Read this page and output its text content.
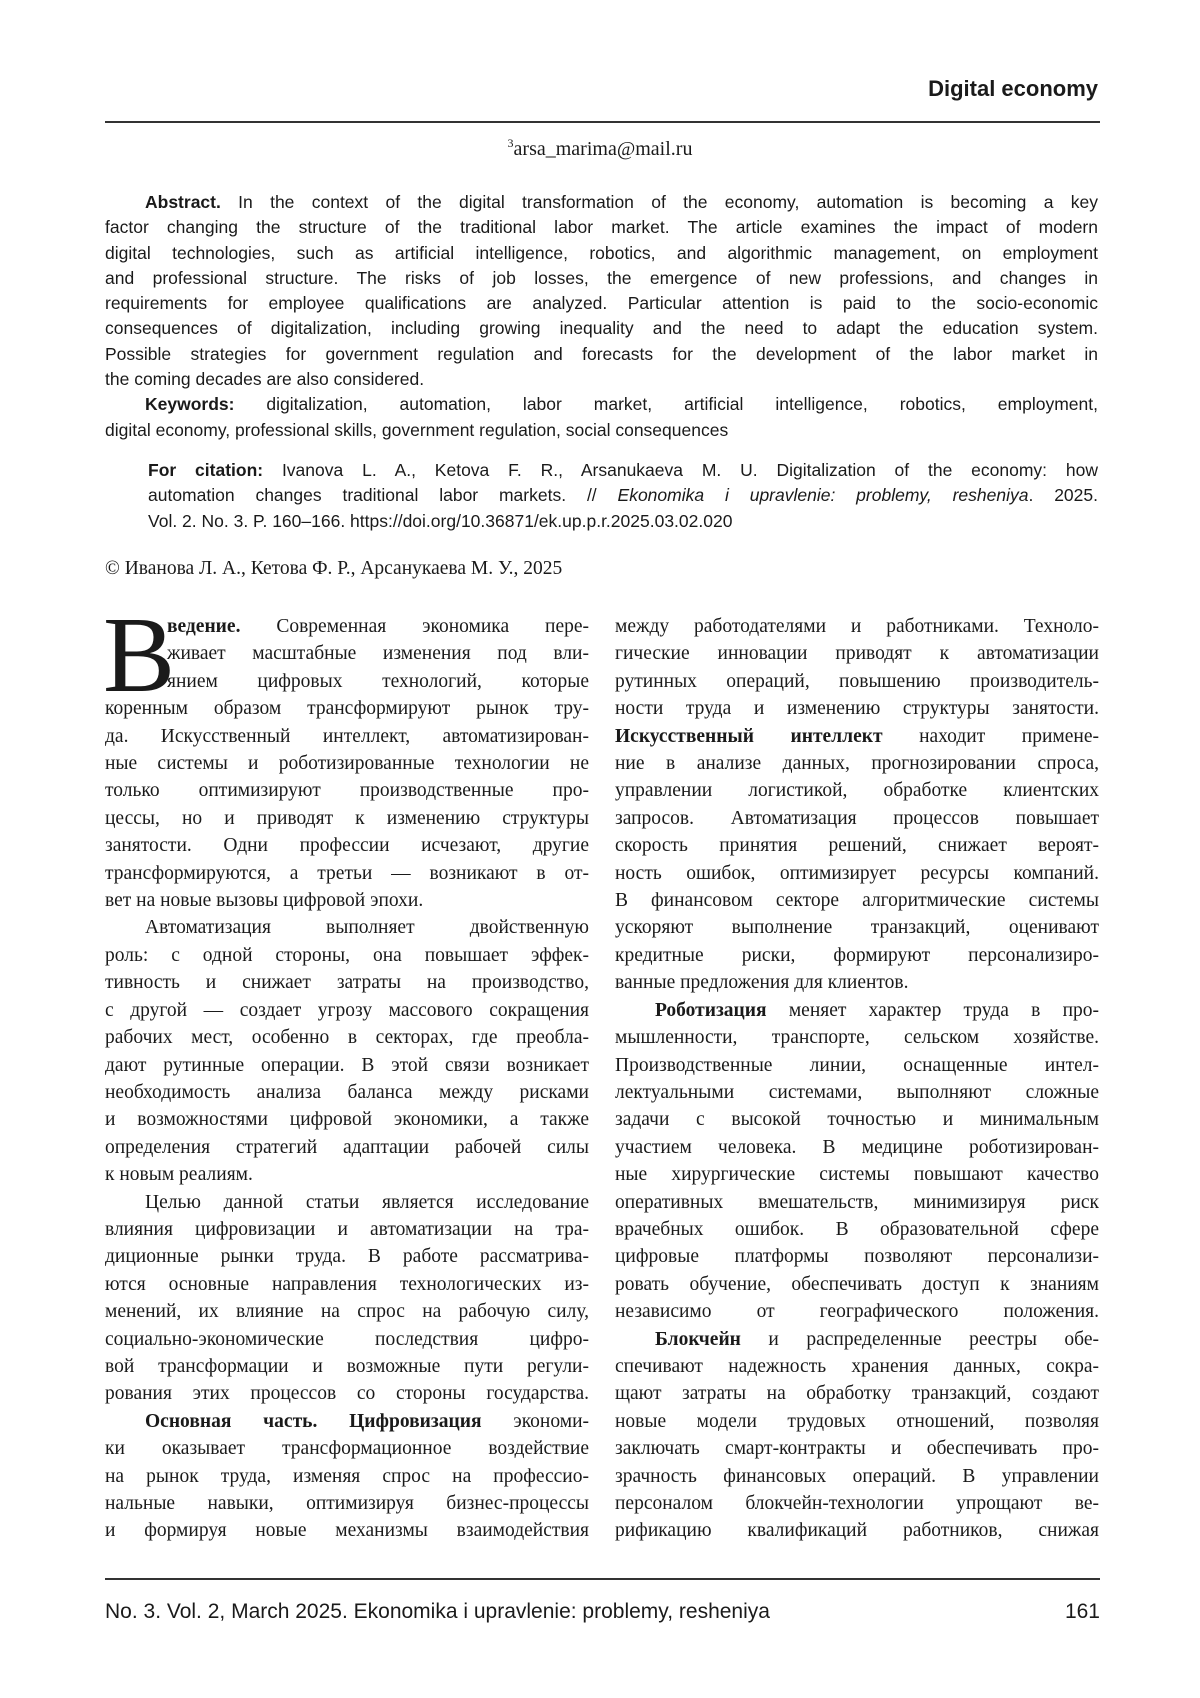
Digital economy
3arsa_marima@mail.ru
Abstract. In the context of the digital transformation of the economy, automation is becoming a key
factor changing the structure of the traditional labor market. The article examines the impact of modern
digital technologies, such as artificial intelligence, robotics, and algorithmic management, on employment
and professional structure. The risks of job losses, the emergence of new professions, and changes in
requirements for employee qualifications are analyzed. Particular attention is paid to the socio-economic
consequences of digitalization, including growing inequality and the need to adapt the education system.
Possible strategies for government regulation and forecasts for the development of the labor market in
the coming decades are also considered.
Keywords: digitalization, automation, labor market, artificial intelligence, robotics, employment,
digital economy, professional skills, government regulation, social consequences
For citation: Ivanova L. A., Ketova F. R., Arsanukaeva M. U. Digitalization of the economy: how
automation changes traditional labor markets. // Ekonomika i upravlenie: problemy, resheniya. 2025.
Vol. 2. No. 3. P. 160–166. https://doi.org/10.36871/ek.up.p.r.2025.03.02.020
© Иванова Л. А., Кетова Ф. Р., Арсанукаева М. У., 2025
В
ведение. Современная экономика пере-
живает масштабные изменения под вли-
янием цифровых технологий, которые
коренным образом трансформируют рынок тру-
да. Искусственный интеллект, автоматизирован-
ные системы и роботизированные технологии не
только оптимизируют производственные про-
цессы, но и приводят к изменению структуры
занятости. Одни профессии исчезают, другие
трансформируются, а третьи — возникают в от-
вет на новые вызовы цифровой эпохи.
Автоматизация выполняет двойственную
роль: с одной стороны, она повышает эффек-
тивность и снижает затраты на производство,
с другой — создает угрозу массового сокращения
рабочих мест, особенно в секторах, где преобла-
дают рутинные операции. В этой связи возникает
необходимость анализа баланса между рисками
и возможностями цифровой экономики, а также
определения стратегий адаптации рабочей силы
к новым реалиям.
Целью данной статьи является исследование
влияния цифровизации и автоматизации на тра-
диционные рынки труда. В работе рассматрива-
ются основные направления технологических из-
менений, их влияние на спрос на рабочую силу,
социально-экономические последствия цифро-
вой трансформации и возможные пути регули-
рования этих процессов со стороны государства.
Основная часть. Цифровизация экономи-
ки оказывает трансформационное воздействие
на рынок труда, изменяя спрос на профессио-
нальные навыки, оптимизируя бизнес-процессы
и формируя новые механизмы взаимодействия
между работодателями и работниками. Техноло-
гические инновации приводят к автоматизации
рутинных операций, повышению производитель-
ности труда и изменению структуры занятости.
Искусственный интеллект находит примене-
ние в анализе данных, прогнозировании спроса,
управлении логистикой, обработке клиентских
запросов. Автоматизация процессов повышает
скорость принятия решений, снижает вероят-
ность ошибок, оптимизирует ресурсы компаний.
В финансовом секторе алгоритмические системы
ускоряют выполнение транзакций, оценивают
кредитные риски, формируют персонализиро-
ванные предложения для клиентов.
Роботизация меняет характер труда в про-
мышленности, транспорте, сельском хозяйстве.
Производственные линии, оснащенные интел-
лектуальными системами, выполняют сложные
задачи с высокой точностью и минимальным
участием человека. В медицине роботизирован-
ные хирургические системы повышают качество
оперативных вмешательств, минимизируя риск
врачебных ошибок. В образовательной сфере
цифровые платформы позволяют персонализи-
ровать обучение, обеспечивать доступ к знаниям
независимо от географического положения.
Блокчейн и распределенные реестры обе-
спечивают надежность хранения данных, сокра-
щают затраты на обработку транзакций, создают
новые модели трудовых отношений, позволяя
заключать смарт-контракты и обеспечивать про-
зрачность финансовых операций. В управлении
персоналом блокчейн-технологии упрощают ве-
рификацию квалификаций работников, снижая
No. 3. Vol. 2, March 2025. Ekonomika i upravlenie: problemy, resheniya	161
